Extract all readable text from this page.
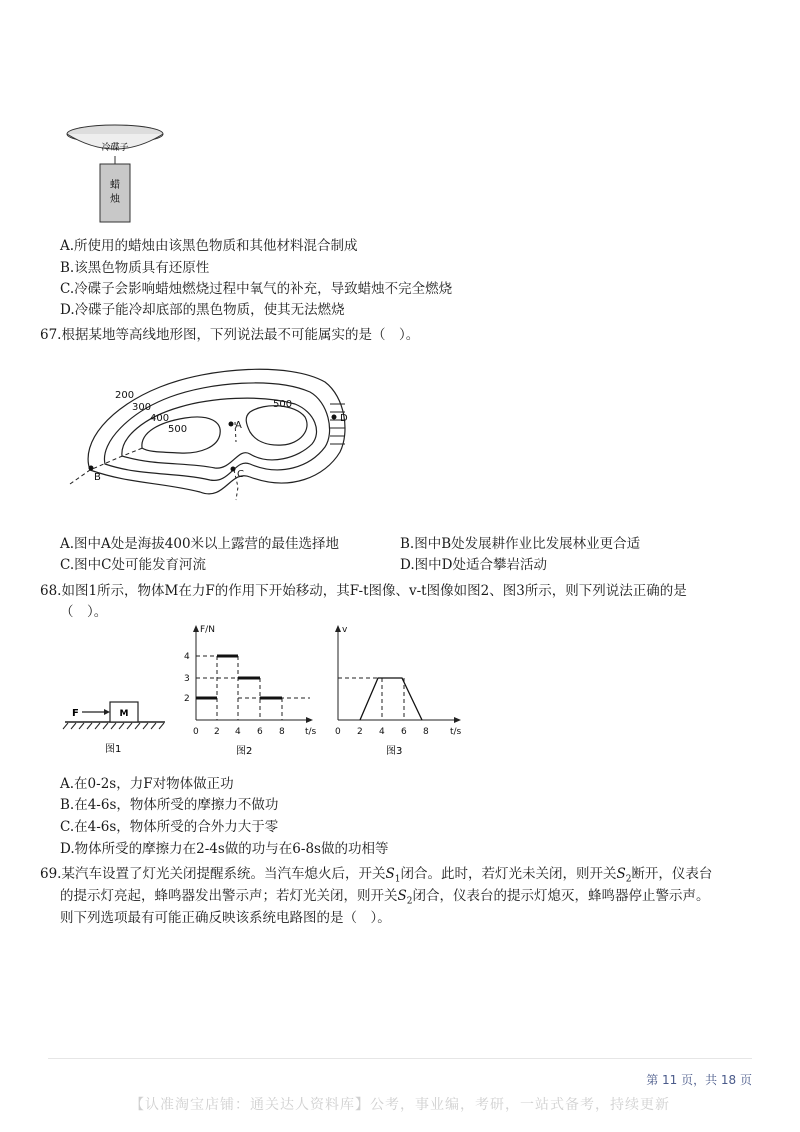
冷碟子
蜡
烛
A.所使用的蜡烛由该黑色物质和其他材料混合制成
B.该黑色物质具有还原性
C.冷碟子会影响蜡烛燃烧过程中氧气的补充，导致蜡烛不完全燃烧
D.冷碟子能冷却底部的黑色物质，使其无法燃烧
67.根据某地等高线地形图，下列说法最不可能属实的是（　）。
200
300
400
500
500
A
B	C
D
A.图中A处是海拔400米以上露营的最佳选择地	B.图中B处发展耕作业比发展林业更合适
C.图中C处可能发育河流	D.图中D处适合攀岩活动
68.如图1所示，物体M在力F的作用下开始移动，其F-t图像、v-t图像如图2、图3所示，则下列说法正确的是
（　）。
F	M
图1
F/N
t/s
4
3
2
0 2 4 6 8
图2
v
t/s
0 2 4 6 8
图3
A.在0-2s，力F对物体做正功
B.在4-6s，物体所受的摩擦力不做功
C.在4-6s，物体所受的合外力大于零
D.物体所受的摩擦力在2-4s做的功与在6-8s做的功相等
69.某汽车设置了灯光关闭提醒系统。当汽车熄火后，开关$S_1$闭合。此时，若灯光未关闭，则开关$S_2$断开，仪表台
的提示灯亮起，蜂鸣器发出警示声；若灯光关闭，则开关$S_2$闭合，仪表台的提示灯熄灭，蜂鸣器停止警示声。
则下列选项最有可能正确反映该系统电路图的是（　）。
第 11 页，共 18 页
【认准淘宝店铺：通关达人资料库】公考，事业编，考研，一站式备考，持续更新
